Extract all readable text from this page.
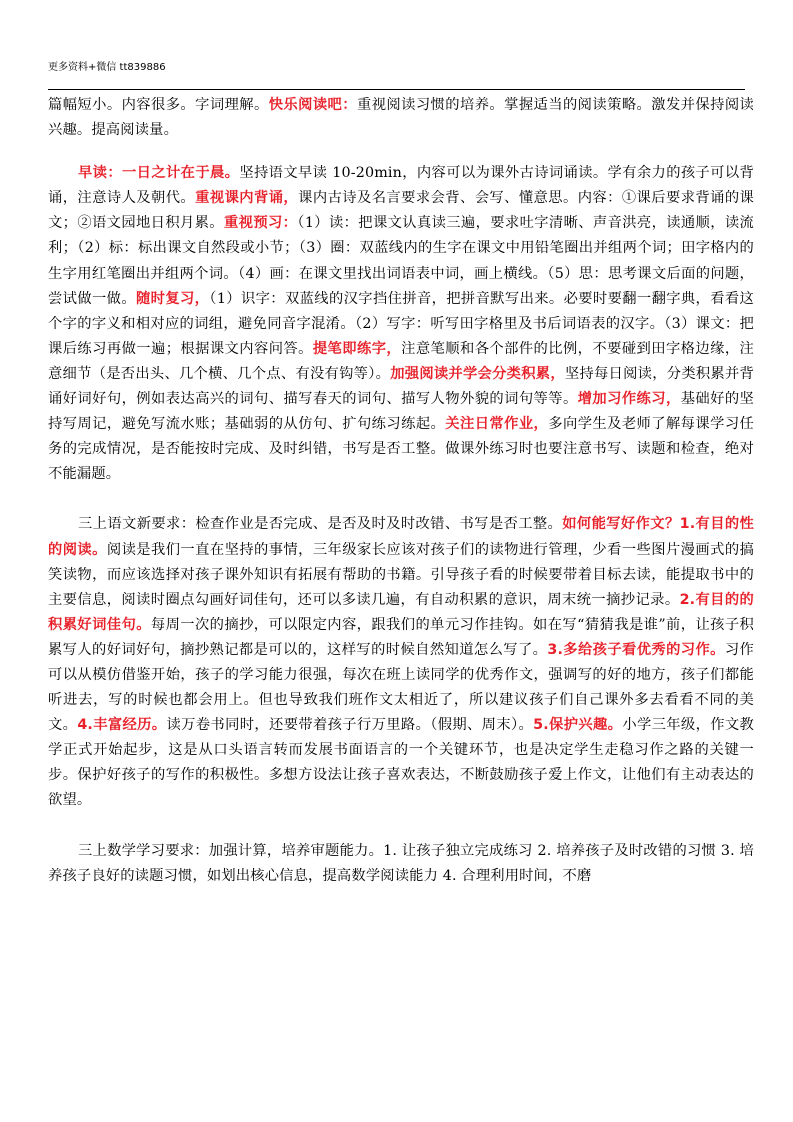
更多资料+微信 tt839886

篇幅短小。内容很多。字词理解。快乐阅读吧：重视阅读习惯的培养。掌握适当的阅读策略。激发并保持阅读兴趣。提高阅读量。

早读：一日之计在于晨。坚持语文早读 10-20min，内容可以为课外古诗词诵读。学有余力的孩子可以背诵，注意诗人及朝代。重视课内背诵，课内古诗及名言要求会背、会写、懂意思。内容：①课后要求背诵的课文；②语文园地日积月累。重视预习：（1）读：把课文认真读三遍，要求吐字清晰、声音洪亮，读通顺，读流利；（2）标：标出课文自然段或小节；（3）圈：双蓝线内的生字在课文中用铅笔圈出并组两个词；田字格内的生字用红笔圈出并组两个词。（4）画：在课文里找出词语表中词，画上横线。（5）思：思考课文后面的问题，尝试做一做。随时复习，（1）识字：双蓝线的汉字挡住拼音，把拼音默写出来。必要时要翻一翻字典，看看这个字的字义和相对应的词组，避免同音字混淆。（2）写字：听写田字格里及书后词语表的汉字。（3）课文：把课后练习再做一遍；根据课文内容问答。提笔即练字，注意笔顺和各个部件的比例，不要碰到田字格边缘，注意细节（是否出头、几个横、几个点、有没有钩等）。加强阅读并学会分类积累，坚持每日阅读，分类积累并背诵好词好句，例如表达高兴的词句、描写春天的词句、描写人物外貌的词句等等。增加习作练习，基础好的坚持写周记，避免写流水账；基础弱的从仿句、扩句练习练起。关注日常作业，多向学生及老师了解每课学习任务的完成情况，是否能按时完成、及时纠错，书写是否工整。做课外练习时也要注意书写、读题和检查，绝对不能漏题。

三上语文新要求：检查作业是否完成、是否及时及时改错、书写是否工整。如何能写好作文？1.有目的性的阅读。阅读是我们一直在坚持的事情，三年级家长应该对孩子们的读物进行管理，少看一些图片漫画式的搞笑读物，而应该选择对孩子课外知识有拓展有帮助的书籍。引导孩子看的时候要带着目标去读，能提取书中的主要信息，阅读时圈点勾画好词佳句，还可以多读几遍，有自动积累的意识，周末统一摘抄记录。2.有目的的积累好词佳句。每周一次的摘抄，可以限定内容，跟我们的单元习作挂钩。如在写“猜猜我是谁”前，让孩子积累写人的好词好句，摘抄熟记都是可以的，这样写的时候自然知道怎么写了。3.多给孩子看优秀的习作。习作可以从模仿借鉴开始，孩子的学习能力很强，每次在班上读同学的优秀作文，强调写的好的地方，孩子们都能听进去，写的时候也都会用上。但也导致我们班作文太相近了，所以建议孩子们自己课外多去看看不同的美文。4.丰富经历。读万卷书同时，还要带着孩子行万里路。（假期、周末）。5.保护兴趣。小学三年级，作文教学正式开始起步，这是从口头语言转而发展书面语言的一个关键环节，也是决定学生走稳习作之路的关键一步。保护好孩子的写作的积极性。多想方设法让孩子喜欢表达，不断鼓励孩子爱上作文，让他们有主动表达的欲望。

三上数学学习要求：加强计算，培养审题能力。1. 让孩子独立完成练习 2. 培养孩子及时改错的习惯 3. 培养孩子良好的读题习惯，如划出核心信息，提高数学阅读能力 4. 合理利用时间，不磨
